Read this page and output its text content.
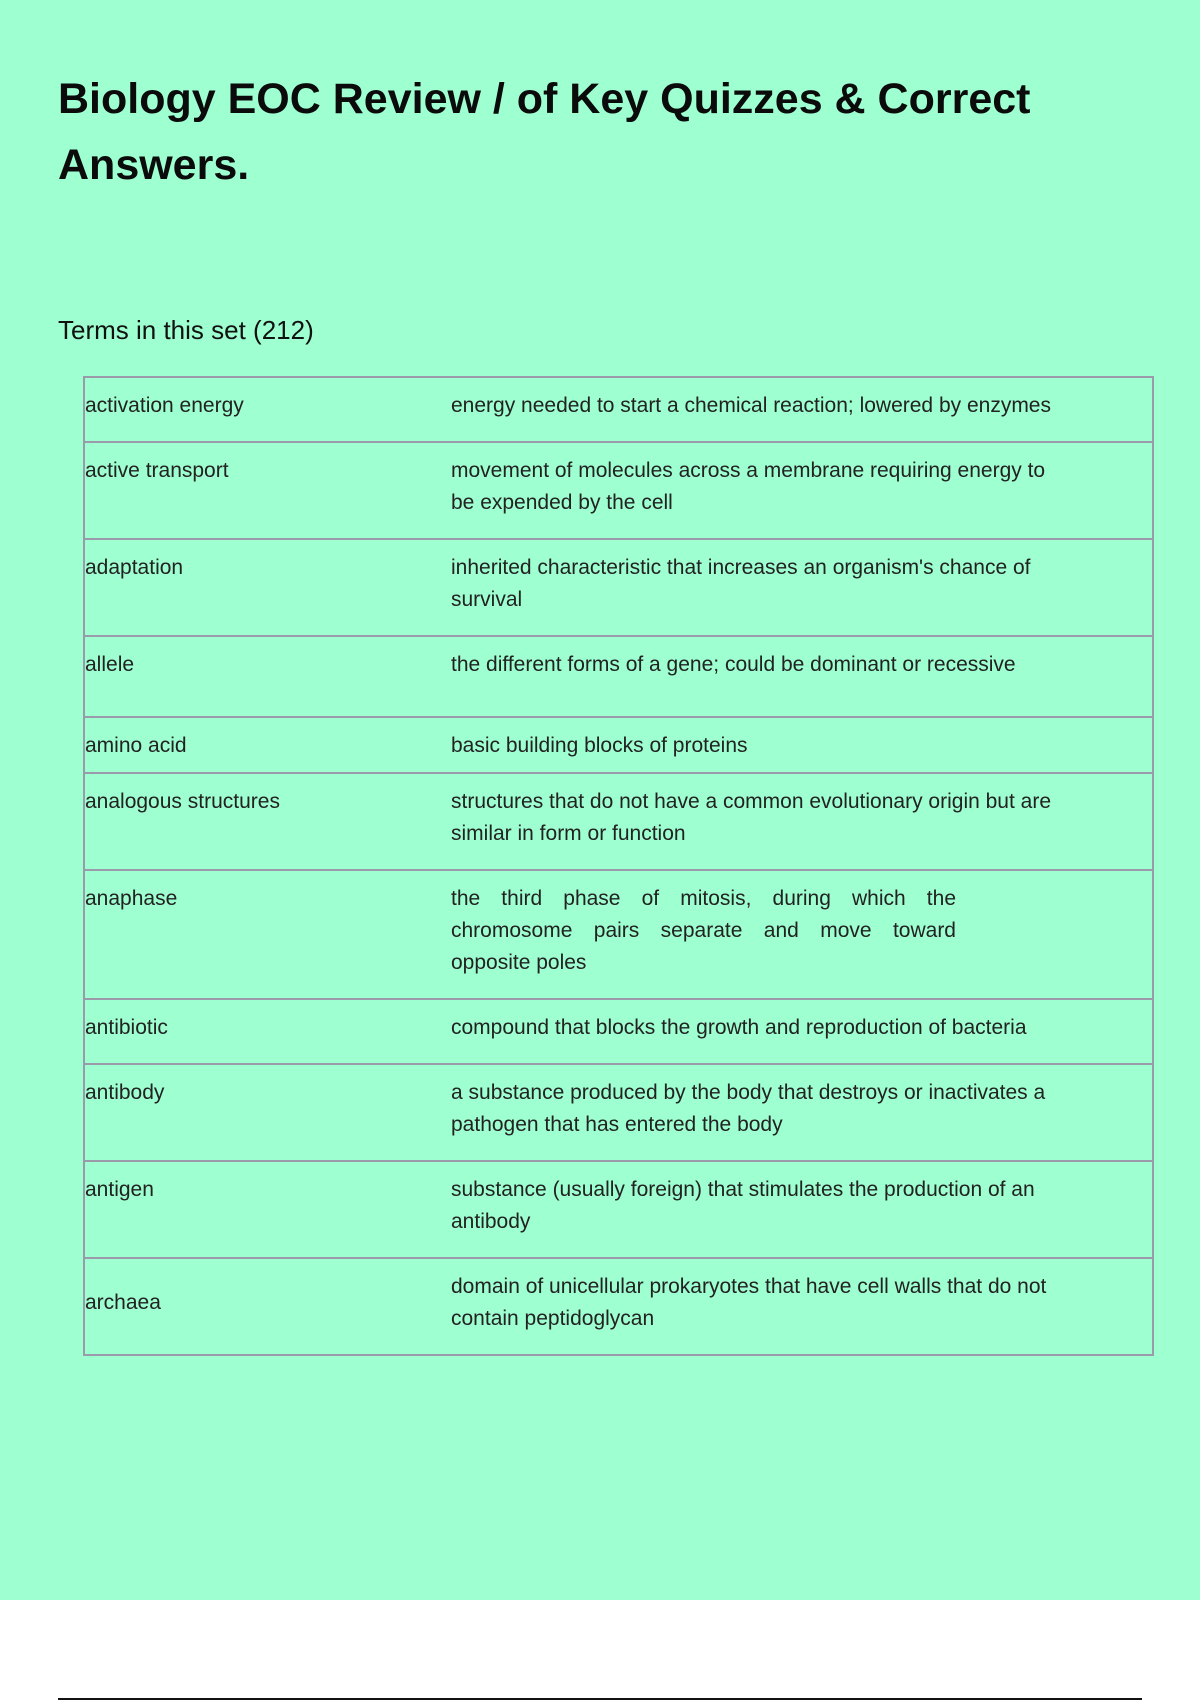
Biology EOC Review / of Key Quizzes & Correct Answers.
Terms in this set (212)
activation energy	energy needed to start a chemical reaction; lowered by enzymes
active transport	movement of molecules across a membrane requiring energy to be expended by the cell
adaptation	inherited characteristic that increases an organism's chance of survival
allele	the different forms of a gene; could be dominant or recessive
amino acid	basic building blocks of proteins
analogous structures	structures that do not have a common evolutionary origin but are similar in form or function
anaphase	the third phase of mitosis, during which the chromosome pairs separate and move toward opposite poles
antibiotic	compound that blocks the growth and reproduction of bacteria
antibody	a substance produced by the body that destroys or inactivates a pathogen that has entered the body
antigen	substance (usually foreign) that stimulates the production of an antibody
archaea	domain of unicellular prokaryotes that have cell walls that do not contain peptidoglycan
